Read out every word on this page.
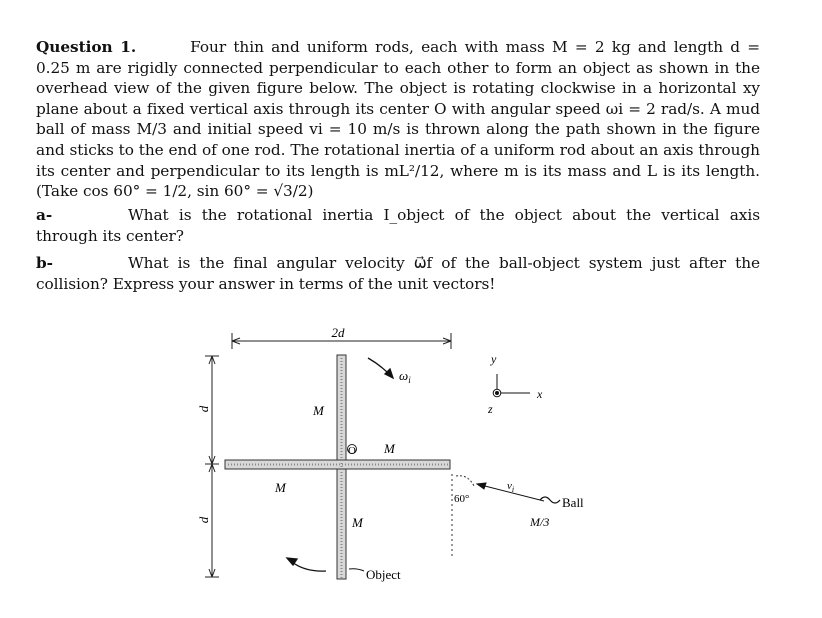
Question 1.	Four thin and uniform rods, each with mass M = 2 kg and length d = 0.25 m are rigidly connected perpendicular to each other to form an object as shown in the overhead view of the given figure below. The object is rotating clockwise in a horizontal xy plane about a fixed vertical axis through its center O with angular speed ωi = 2 rad/s. A mud ball of mass M/3 and initial speed vi = 10 m/s is thrown along the path shown in the figure and sticks to the end of one rod. The rotational inertia of a uniform rod about an axis through its center and perpendicular to its length is mL²/12, where m is its mass and L is its length. (Take cos 60° = 1/2, sin 60° = √3/2)
a-	What is the rotational inertia I_object of the object about the vertical axis through its center?
b-	What is the final angular velocity ω⃗f of the ball-object system just after the collision? Express your answer in terms of the unit vectors!
2d
d
d
O
M
M
M
M
$\omega_i$
Object
60°
$v_i$
Ball
M/3
y
x
z
